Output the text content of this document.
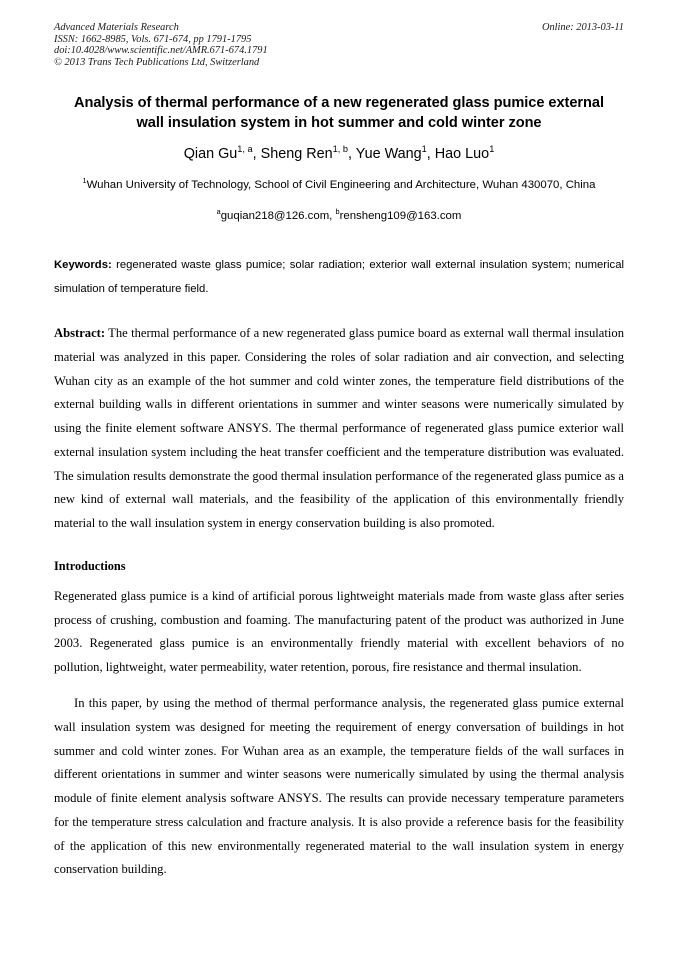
Advanced Materials Research
ISSN: 1662-8985, Vols. 671-674, pp 1791-1795
doi:10.4028/www.scientific.net/AMR.671-674.1791
© 2013 Trans Tech Publications Ltd, Switzerland
Online: 2013-03-11
Analysis of thermal performance of a new regenerated glass pumice external wall insulation system in hot summer and cold winter zone
Qian Gu$^{1, a}$, Sheng Ren$^{1, b}$, Yue Wang$^1$, Hao Luo$^1$
$^1$Wuhan University of Technology, School of Civil Engineering and Architecture, Wuhan 430070, China
$^a$guqian218@126.com, $^b$rensheng109@163.com

Keywords: regenerated waste glass pumice; solar radiation; exterior wall external insulation system; numerical simulation of temperature field.

Abstract: The thermal performance of a new regenerated glass pumice board as external wall thermal insulation material was analyzed in this paper. Considering the roles of solar radiation and air convection, and selecting Wuhan city as an example of the hot summer and cold winter zones, the temperature field distributions of the external building walls in different orientations in summer and winter seasons were numerically simulated by using the finite element software ANSYS. The thermal performance of regenerated glass pumice exterior wall external insulation system including the heat transfer coefficient and the temperature distribution was evaluated. The simulation results demonstrate the good thermal insulation performance of the regenerated glass pumice as a new kind of external wall materials, and the feasibility of the application of this environmentally friendly material to the wall insulation system in energy conservation building is also promoted.

Introductions

Regenerated glass pumice is a kind of artificial porous lightweight materials made from waste glass after series process of crushing, combustion and foaming. The manufacturing patent of the product was authorized in June 2003. Regenerated glass pumice is an environmentally friendly material with excellent behaviors of no pollution, lightweight, water permeability, water retention, porous, fire resistance and thermal insulation.

In this paper, by using the method of thermal performance analysis, the regenerated glass pumice external wall insulation system was designed for meeting the requirement of energy conversation of buildings in hot summer and cold winter zones. For Wuhan area as an example, the temperature fields of the wall surfaces in different orientations in summer and winter seasons were numerically simulated by using the thermal analysis module of finite element analysis software ANSYS. The results can provide necessary temperature parameters for the temperature stress calculation and fracture analysis. It is also provide a reference basis for the feasibility of the application of this new environmentally regenerated material to the wall insulation system in energy conservation building.
